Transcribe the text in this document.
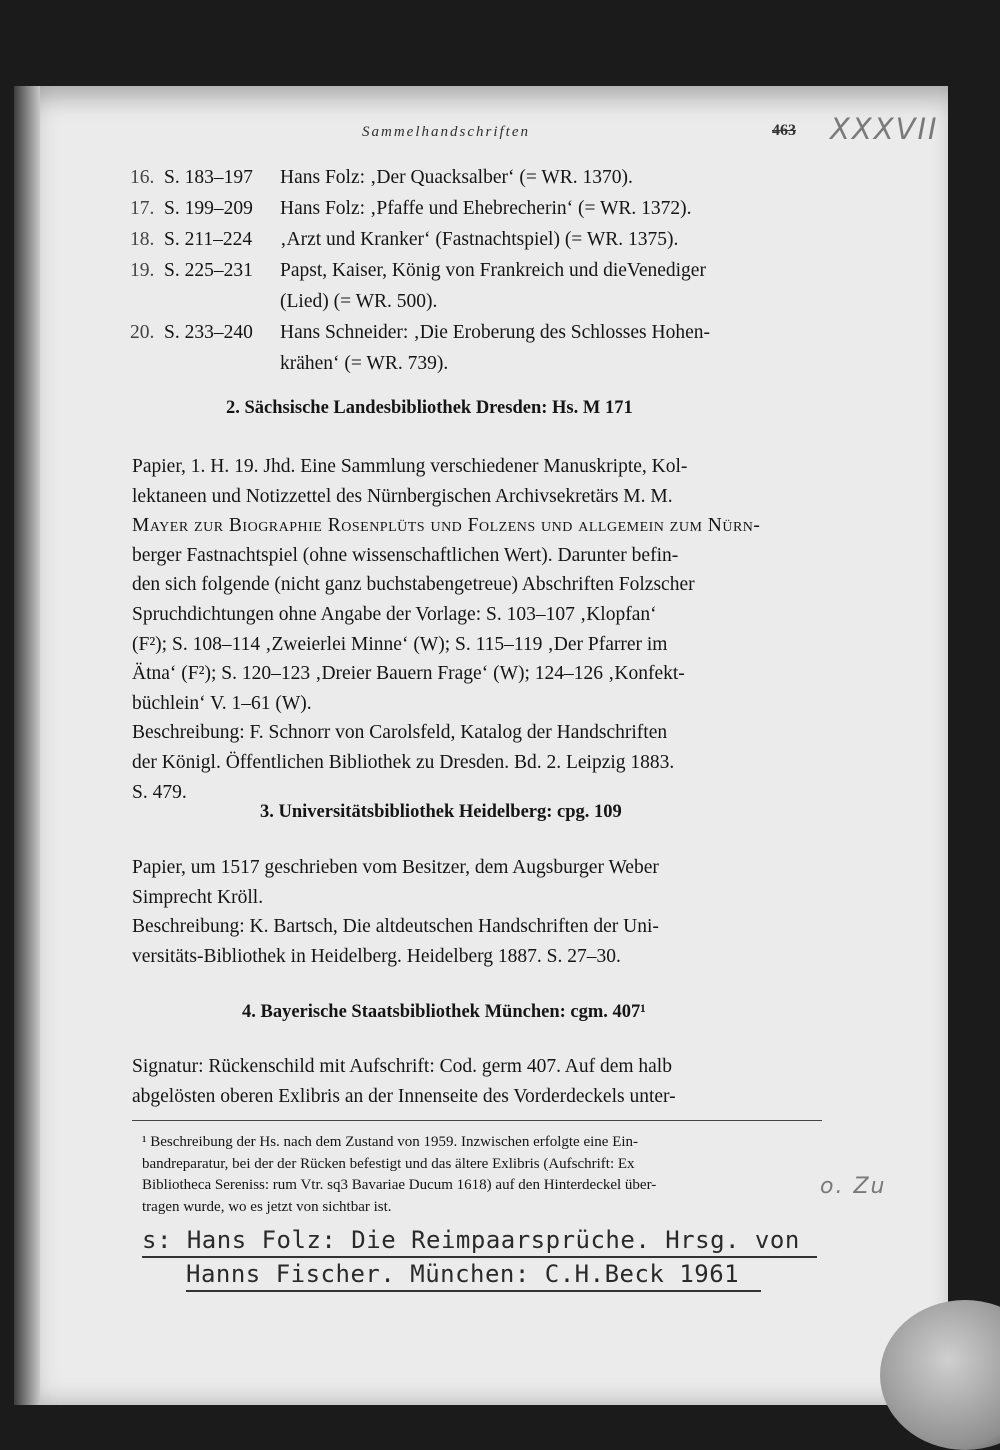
Sammelhandschriften	463 XXXVII
16. S. 183–197 Hans Folz: ‚Der Quacksalber‘ (= WR. 1370).
17. S. 199–209 Hans Folz: ‚Pfaffe und Ehebrecherin‘ (= WR. 1372).
18. S. 211–224 ‚Arzt und Kranker‘ (Fastnachtspiel) (= WR. 1375).
19. S. 225–231 Papst, Kaiser, König von Frankreich und dieVenediger
(Lied) (= WR. 500).
20. S. 233–240 Hans Schneider: ‚Die Eroberung des Schlosses Hohen-
krähen‘ (= WR. 739).
2. Sächsische Landesbibliothek Dresden: Hs. M 171

Papier, 1. H. 19. Jhd. Eine Sammlung verschiedener Manuskripte, Kol-

lektaneen und Notizzettel des Nürnbergischen Archivsekretärs M. M.

Mayer zur Biographie Rosenplüts und Folzens und allgemein zum Nürn-

berger Fastnachtspiel (ohne wissenschaftlichen Wert). Darunter befin-

den sich folgende (nicht ganz buchstabengetreue) Abschriften Folzscher

Spruchdichtungen ohne Angabe der Vorlage: S. 103–107 ‚Klopfan‘

(F²); S. 108–114 ‚Zweierlei Minne‘ (W); S. 115–119 ‚Der Pfarrer im

Ätna‘ (F²); S. 120–123 ‚Dreier Bauern Frage‘ (W); 124–126 ‚Konfekt-

büchlein‘ V. 1–61 (W).

Beschreibung: F. Schnorr von Carolsfeld, Katalog der Handschriften

der Königl. Öffentlichen Bibliothek zu Dresden. Bd. 2. Leipzig 1883.

S. 479.

3. Universitätsbibliothek Heidelberg: cpg. 109

Papier, um 1517 geschrieben vom Besitzer, dem Augsburger Weber

Simprecht Kröll.

Beschreibung: K. Bartsch, Die altdeutschen Handschriften der Uni-

versitäts-Bibliothek in Heidelberg. Heidelberg 1887. S. 27–30.

4. Bayerische Staatsbibliothek München: cgm. 407¹

Signatur: Rückenschild mit Aufschrift: Cod. germ 407. Auf dem halb

abgelösten oberen Exlibris an der Innenseite des Vorderdeckels unter-

¹ Beschreibung der Hs. nach dem Zustand von 1959. Inzwischen erfolgte eine Ein-
bandreparatur, bei der der Rücken befestigt und das ältere Exlibris (Aufschrift: Ex
Bibliotheca Sereniss: rum Vtr. sq3 Bavariae Ducum 1618) auf den Hinterdeckel über-
tragen wurde, wo es jetzt von sichtbar ist.
o. Zu
s: Hans Folz: Die Reimpaarsprüche. Hrsg. von
Hanns Fischer. München: C.H.Beck 1961
